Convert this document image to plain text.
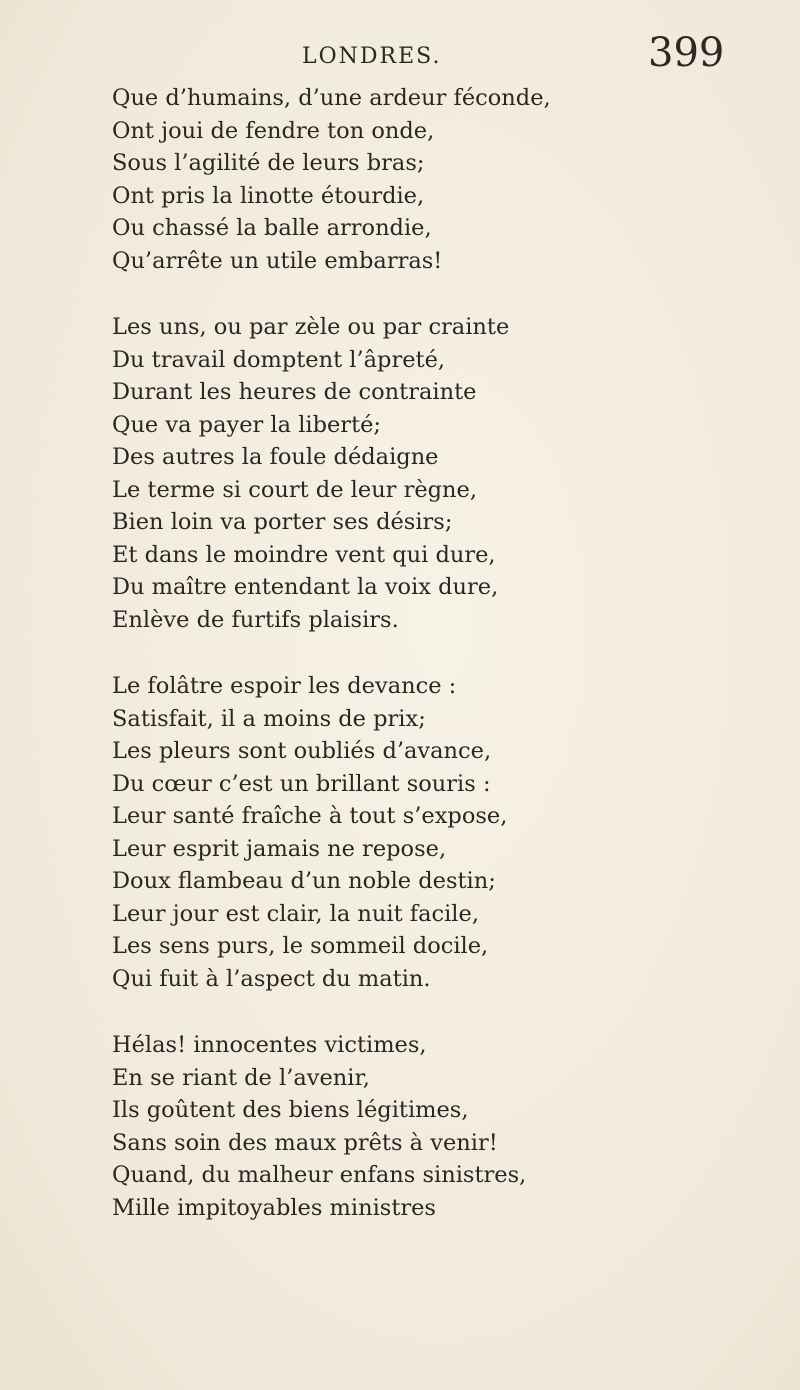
LONDRES.	399
Que d’humains, d’une ardeur féconde,
Ont joui de fendre ton onde,
Sous l’agilité de leurs bras;
Ont pris la linotte étourdie,
Ou chassé la balle arrondie,
Qu’arrête un utile embarras!
Les uns, ou par zèle ou par crainte
Du travail domptent l’âpreté,
Durant les heures de contrainte
Que va payer la liberté;
Des autres la foule dédaigne
Le terme si court de leur règne,
Bien loin va porter ses désirs;
Et dans le moindre vent qui dure,
Du maître entendant la voix dure,
Enlève de furtifs plaisirs.
Le folâtre espoir les devance :
Satisfait, il a moins de prix;
Les pleurs sont oubliés d’avance,
Du cœur c’est un brillant souris :
Leur santé fraîche à tout s’expose,
Leur esprit jamais ne repose,
Doux flambeau d’un noble destin;
Leur jour est clair, la nuit facile,
Les sens purs, le sommeil docile,
Qui fuit à l’aspect du matin.
Hélas! innocentes victimes,
En se riant de l’avenir,
Ils goûtent des biens légitimes,
Sans soin des maux prêts à venir!
Quand, du malheur enfans sinistres,
Mille impitoyables ministres
